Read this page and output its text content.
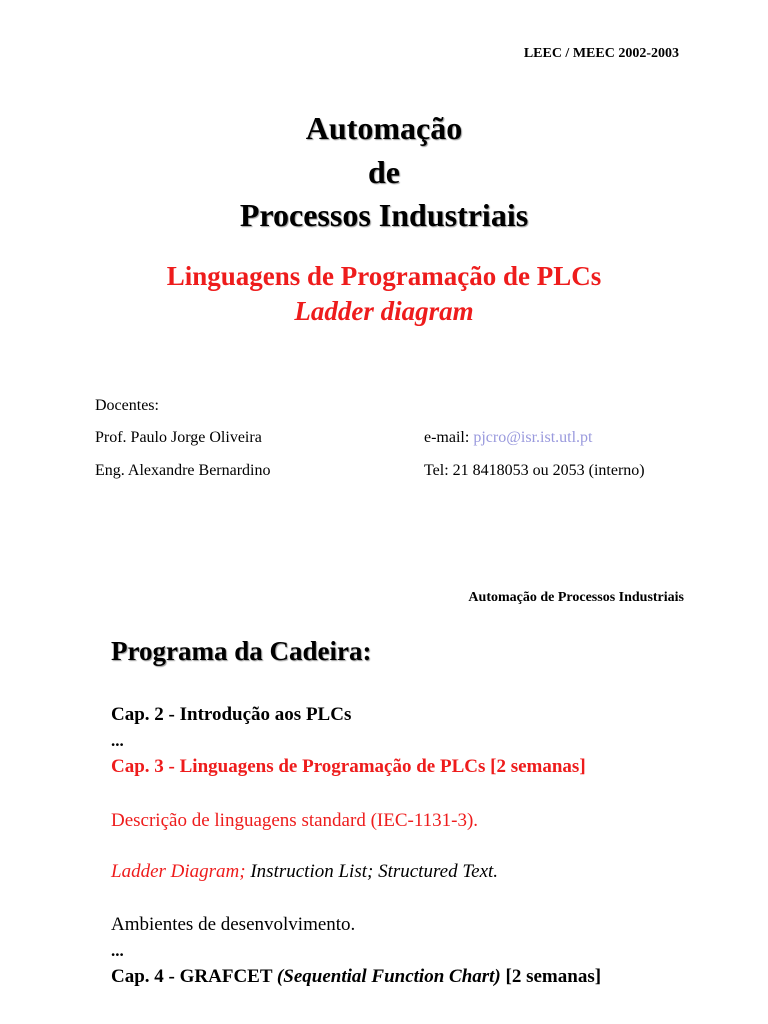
LEEC / MEEC 2002-2003
Automação
de
Processos Industriais
Linguagens de Programação de PLCs
Ladder diagram
Docentes:
Prof. Paulo Jorge Oliveira	e-mail: pjcro@isr.ist.utl.pt
Eng. Alexandre Bernardino	Tel: 21 8418053 ou 2053 (interno)
Automação de Processos Industriais
Programa da Cadeira:
Cap. 2 - Introdução aos PLCs
...
Cap. 3 - Linguagens de Programação de PLCs [2 semanas]
Descrição de linguagens standard (IEC-1131-3).
Ladder Diagram; Instruction List; Structured Text.
Ambientes de desenvolvimento.
...
Cap. 4 - GRAFCET (Sequential Function Chart) [2 semanas]
